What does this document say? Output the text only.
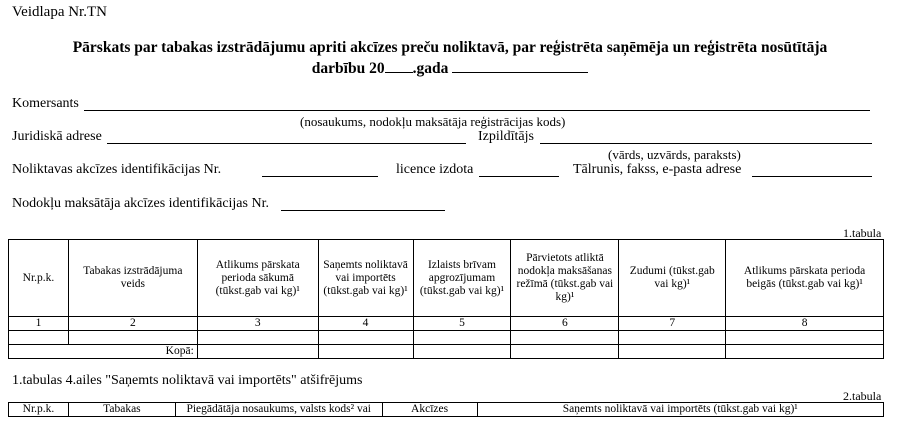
Veidlapa Nr.TN
Pārskats par tabakas izstrādājumu apriti akcīzes preču noliktavā, par reģistrēta saņēmēja un reģistrēta nosūtītāja
darbību 20 .gada
Komersants
(nosaukums, nodokļu maksātāja reģistrācijas kods)
Juridiskā adrese	Izpildītājs
(vārds, uzvārds, paraksts)
Noliktavas akcīzes identifikācijas Nr.	licence izdota	Tālrunis, fakss, e-pasta adrese
Nodokļu maksātāja akcīzes identifikācijas Nr.
1.tabula
Nr.p.k.	Tabakas izstrādājuma veids	Atlikums pārskata perioda sākumā (tūkst.gab vai kg)¹	Saņemts noliktavā vai importēts (tūkst.gab vai kg)¹	Izlaists brīvam apgrozījumam (tūkst.gab vai kg)¹	Pārvietots atliktā nodokļa maksāšanas režīmā (tūkst.gab vai kg)¹	Zudumi (tūkst.gab vai kg)¹	Atlikums pārskata perioda beigās (tūkst.gab vai kg)¹
1	2	3	4	5	6	7	8

Kopā:							
1.tabulas 4.ailes "Saņemts noliktavā vai importēts" atšifrējums
2.tabula
Nr.p.k.	Tabakas	Piegādātāja nosaukums, valsts kods² vai	Akcīzes	Saņemts noliktavā vai importēts (tūkst.gab vai kg)¹
